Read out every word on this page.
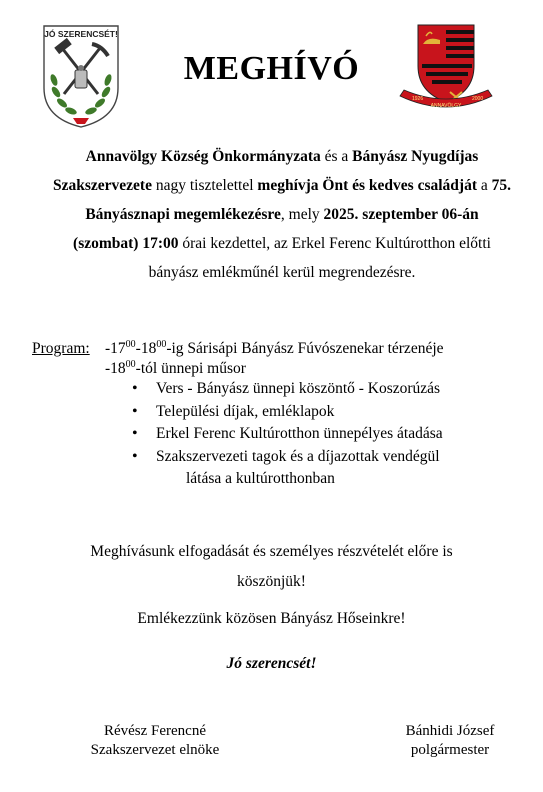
JÓ SZERENCSÉT!
MEGHÍVÓ
1926
ANNAVÖLGY
2000

Annavölgy Község Önkormányzata és a Bányász Nyugdíjas Szakszervezete nagy tisztelettel meghívja Önt és kedves családját a 75. Bányásznapi megemlékezésre, mely 2025. szeptember 06-án (szombat) 17:00 órai kezdettel, az Erkel Ferenc Kultúrotthon előtti bányász emlékműnél kerül megrendezésre.

Program: $-17^{00}-18^{00}-ig$ Sárisápi Bányász Fúvószenekar térzenéje
$-18^{00}$-tól ünnepi műsor
• Vers - Bányász ünnepi köszöntő - Koszorúzás
• Települési díjak, emléklapok
• Erkel Ferenc Kultúrotthon ünnepélyes átadása
• Szakszervezeti tagok és a díjazottak vendégül
látása a kultúrotthonban

Meghívásunk elfogadását és személyes részvételét előre is

köszönjük!

Emlékezzünk közösen Bányász Hőseinkre!
Jó szerencsét!
Révész Ferencné
Szakszervezet elnöke
Bánhidi József
polgármester
